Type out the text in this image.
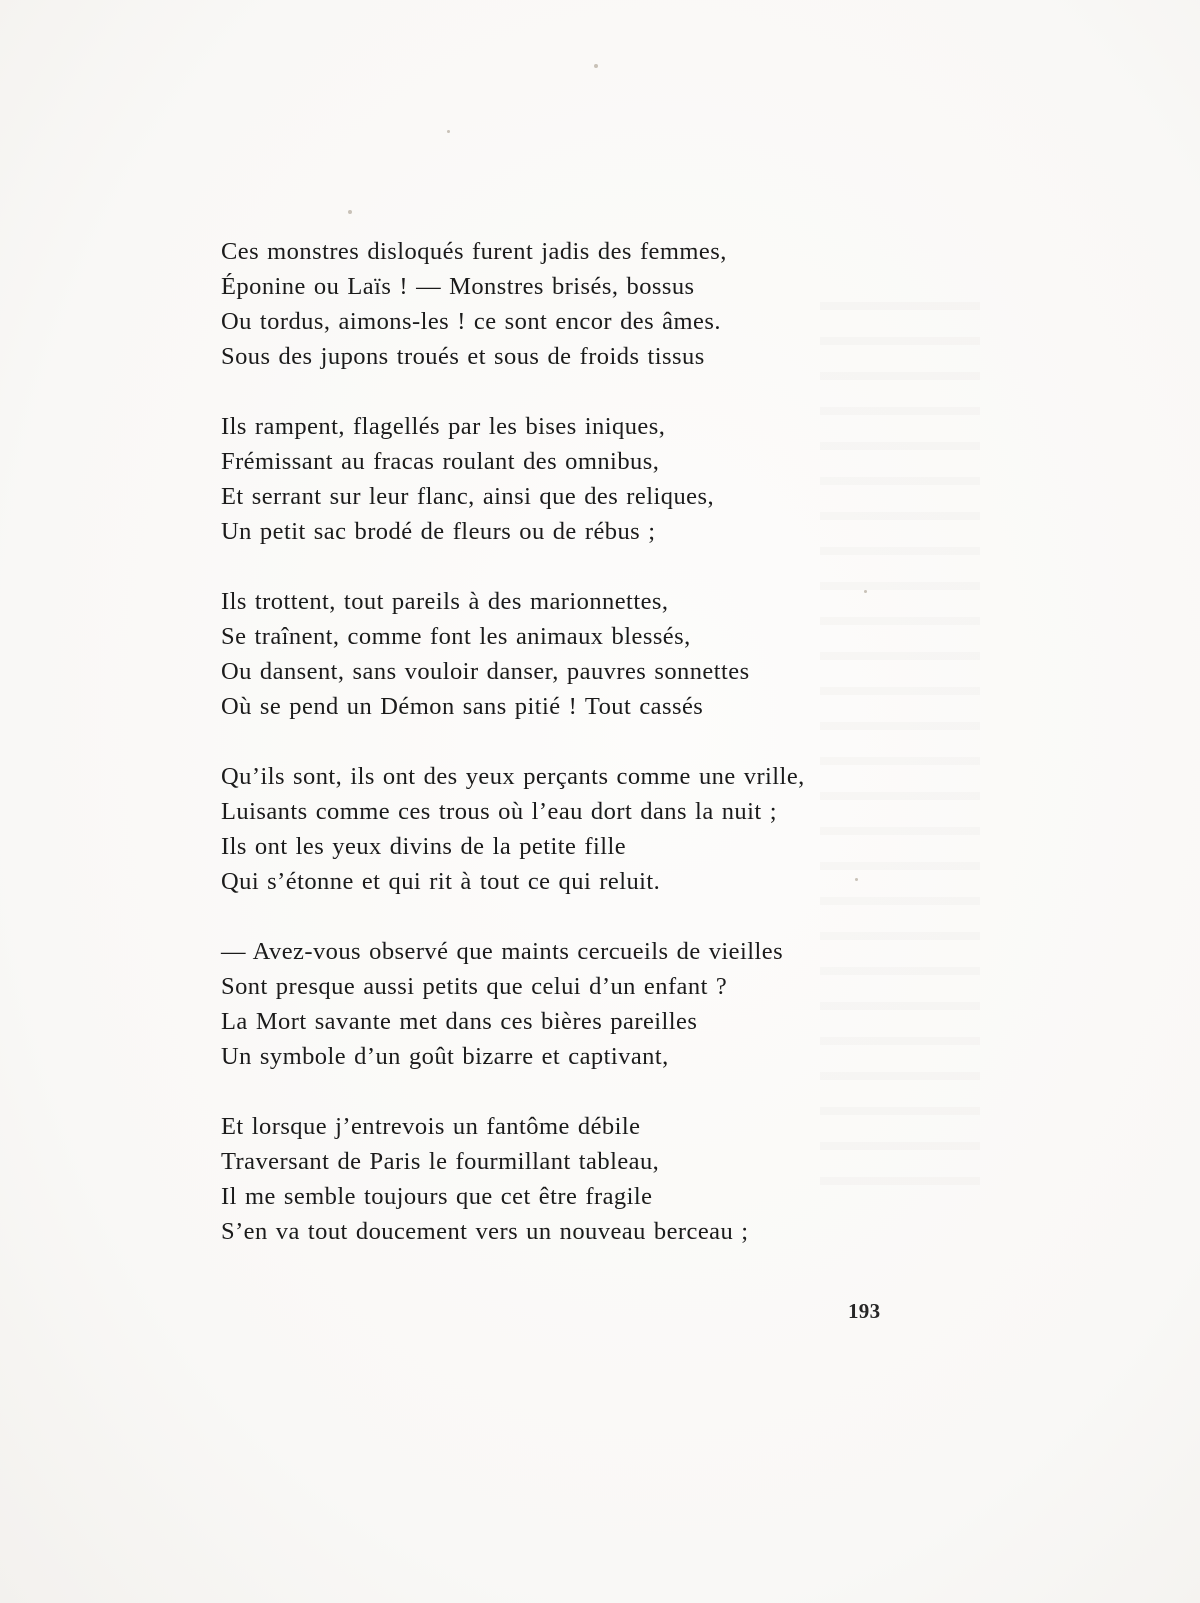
Ces monstres disloqués furent jadis des femmes,
Éponine ou Laïs ! — Monstres brisés, bossus
Ou tordus, aimons-les ! ce sont encor des âmes.
Sous des jupons troués et sous de froids tissus
Ils rampent, flagellés par les bises iniques,
Frémissant au fracas roulant des omnibus,
Et serrant sur leur flanc, ainsi que des reliques,
Un petit sac brodé de fleurs ou de rébus ;
Ils trottent, tout pareils à des marionnettes,
Se traînent, comme font les animaux blessés,
Ou dansent, sans vouloir danser, pauvres sonnettes
Où se pend un Démon sans pitié ! Tout cassés
Qu’ils sont, ils ont des yeux perçants comme une vrille,
Luisants comme ces trous où l’eau dort dans la nuit ;
Ils ont les yeux divins de la petite fille
Qui s’étonne et qui rit à tout ce qui reluit.
— Avez-vous observé que maints cercueils de vieilles
Sont presque aussi petits que celui d’un enfant ?
La Mort savante met dans ces bières pareilles
Un symbole d’un goût bizarre et captivant,
Et lorsque j’entrevois un fantôme débile
Traversant de Paris le fourmillant tableau,
Il me semble toujours que cet être fragile
S’en va tout doucement vers un nouveau berceau ;
193
